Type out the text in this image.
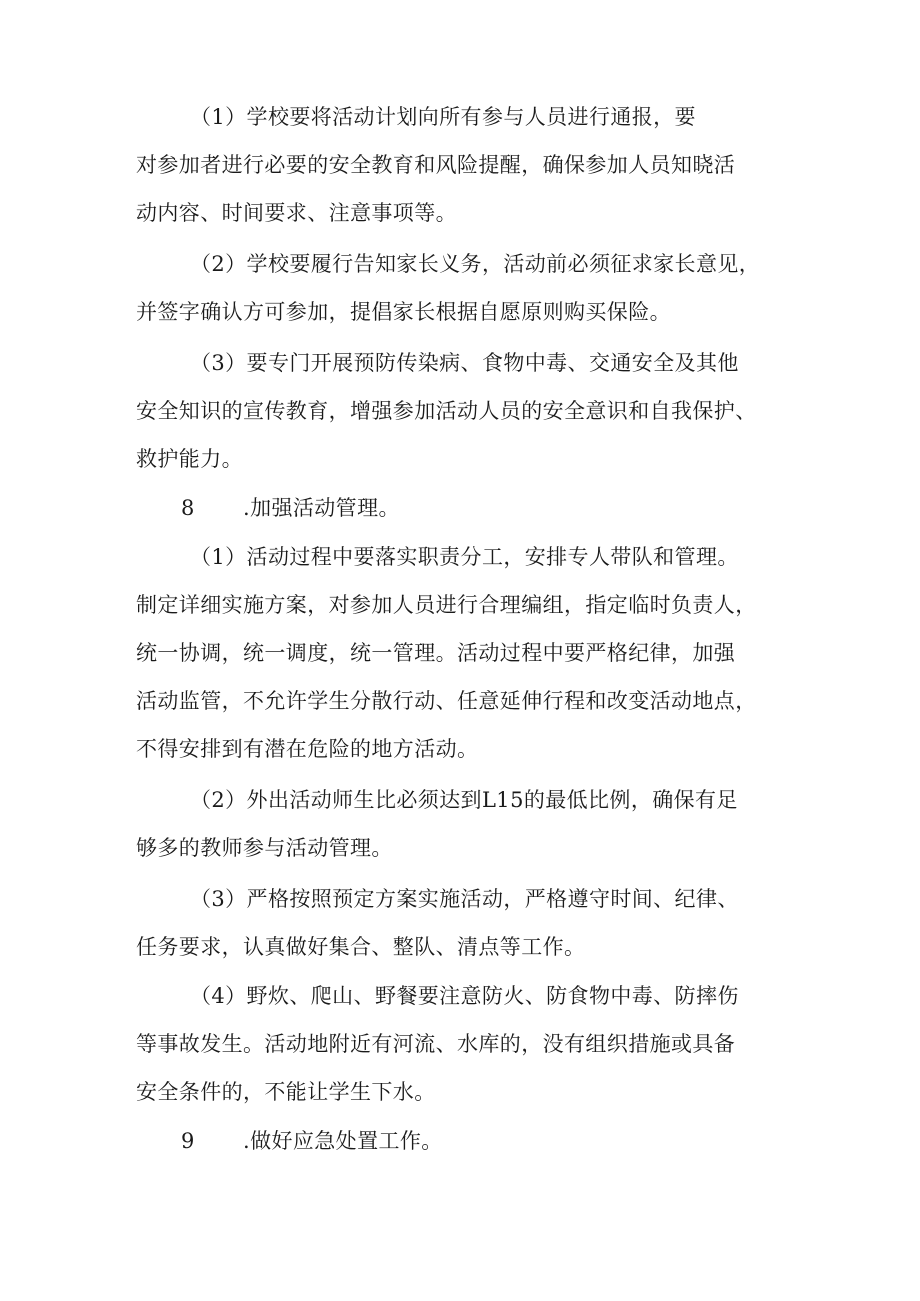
（1）学校要将活动计划向所有参与人员进行通报，要
对参加者进行必要的安全教育和风险提醒，确保参加人员知晓活
动内容、时间要求、注意事项等。
（2）学校要履行告知家长义务，活动前必须征求家长意见，
并签字确认方可参加，提倡家长根据自愿原则购买保险。
（3）要专门开展预防传染病、食物中毒、交通安全及其他
安全知识的宣传教育，增强参加活动人员的安全意识和自我保护、
救护能力。
8 .加强活动管理。
（1）活动过程中要落实职责分工，安排专人带队和管理。
制定详细实施方案，对参加人员进行合理编组，指定临时负责人，
统一协调，统一调度，统一管理。活动过程中要严格纪律，加强
活动监管，不允许学生分散行动、任意延伸行程和改变活动地点，
不得安排到有潜在危险的地方活动。
（2）外出活动师生比必须达到L15的最低比例，确保有足
够多的教师参与活动管理。
（3）严格按照预定方案实施活动，严格遵守时间、纪律、
任务要求，认真做好集合、整队、清点等工作。
（4）野炊、爬山、野餐要注意防火、防食物中毒、防摔伤
等事故发生。活动地附近有河流、水库的，没有组织措施或具备
安全条件的，不能让学生下水。
9 .做好应急处置工作。
